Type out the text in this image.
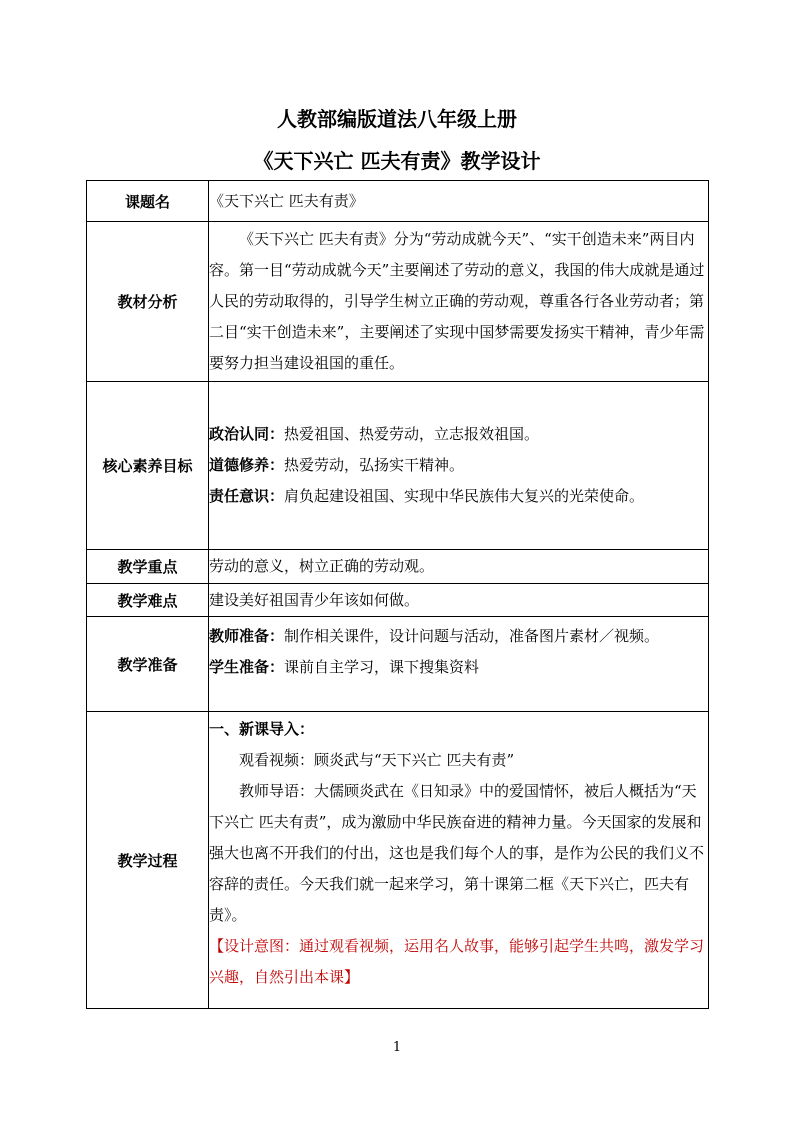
人教部编版道法八年级上册
《天下兴亡 匹夫有责》教学设计
课题名	《天下兴亡 匹夫有责》
教材分析	《天下兴亡 匹夫有责》分为“劳动成就今天”、“实干创造未来”两目内容。第一目“劳动成就今天”主要阐述了劳动的意义，我国的伟大成就是通过人民的劳动取得的，引导学生树立正确的劳动观，尊重各行各业劳动者；第二目“实干创造未来”，主要阐述了实现中国梦需要发扬实干精神，青少年需要努力担当建设祖国的重任。

核心素养目标	政治认同：热爱祖国、热爱劳动，立志报效祖国。

道德修养：热爱劳动，弘扬实干精神。

责任意识：肩负起建设祖国、实现中华民族伟大复兴的光荣使命。

教学重点	劳动的意义，树立正确的劳动观。
教学难点	建设美好祖国青少年该如何做。
教学准备	教师准备：制作相关课件，设计问题与活动，准备图片素材／视频。

学生准备：课前自主学习，课下搜集资料

教学过程	一、新课导入：

观看视频：顾炎武与“天下兴亡 匹夫有责”

教师导语：大儒顾炎武在《日知录》中的爱国情怀，被后人概括为“天下兴亡 匹夫有责”，成为激励中华民族奋进的精神力量。今天国家的发展和强大也离不开我们的付出，这也是我们每个人的事，是作为公民的我们义不容辞的责任。今天我们就一起来学习，第十课第二框《天下兴亡，匹夫有责》。

【设计意图：通过观看视频，运用名人故事，能够引起学生共鸣，激发学习兴趣，自然引出本课】

1
